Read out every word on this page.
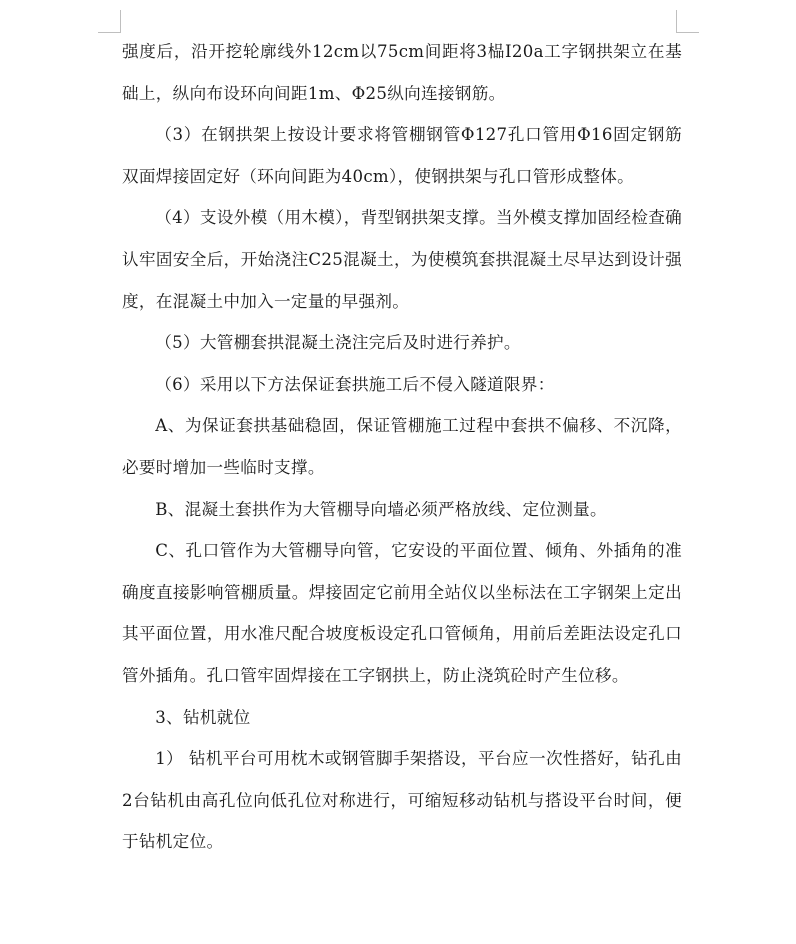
强度后，沿开挖轮廓线外12cm以75cm间距将3榀I20a工字钢拱架立在基础上，纵向布设环向间距1m、Φ25纵向连接钢筋。

（3）在钢拱架上按设计要求将管棚钢管Φ127孔口管用Φ16固定钢筋双面焊接固定好（环向间距为40cm），使钢拱架与孔口管形成整体。

（4）支设外模（用木模），背型钢拱架支撑。当外模支撑加固经检查确认牢固安全后，开始浇注C25混凝土，为使模筑套拱混凝土尽早达到设计强度，在混凝土中加入一定量的早强剂。

（5）大管棚套拱混凝土浇注完后及时进行养护。

（6）采用以下方法保证套拱施工后不侵入隧道限界：

A、为保证套拱基础稳固，保证管棚施工过程中套拱不偏移、不沉降，必要时增加一些临时支撑。

B、混凝土套拱作为大管棚导向墙必须严格放线、定位测量。

C、孔口管作为大管棚导向管，它安设的平面位置、倾角、外插角的准确度直接影响管棚质量。焊接固定它前用全站仪以坐标法在工字钢架上定出其平面位置，用水准尺配合坡度板设定孔口管倾角，用前后差距法设定孔口管外插角。孔口管牢固焊接在工字钢拱上，防止浇筑砼时产生位移。

3、钻机就位

1） 钻机平台可用枕木或钢管脚手架搭设，平台应一次性搭好，钻孔由2台钻机由高孔位向低孔位对称进行，可缩短移动钻机与搭设平台时间，便于钻机定位。
